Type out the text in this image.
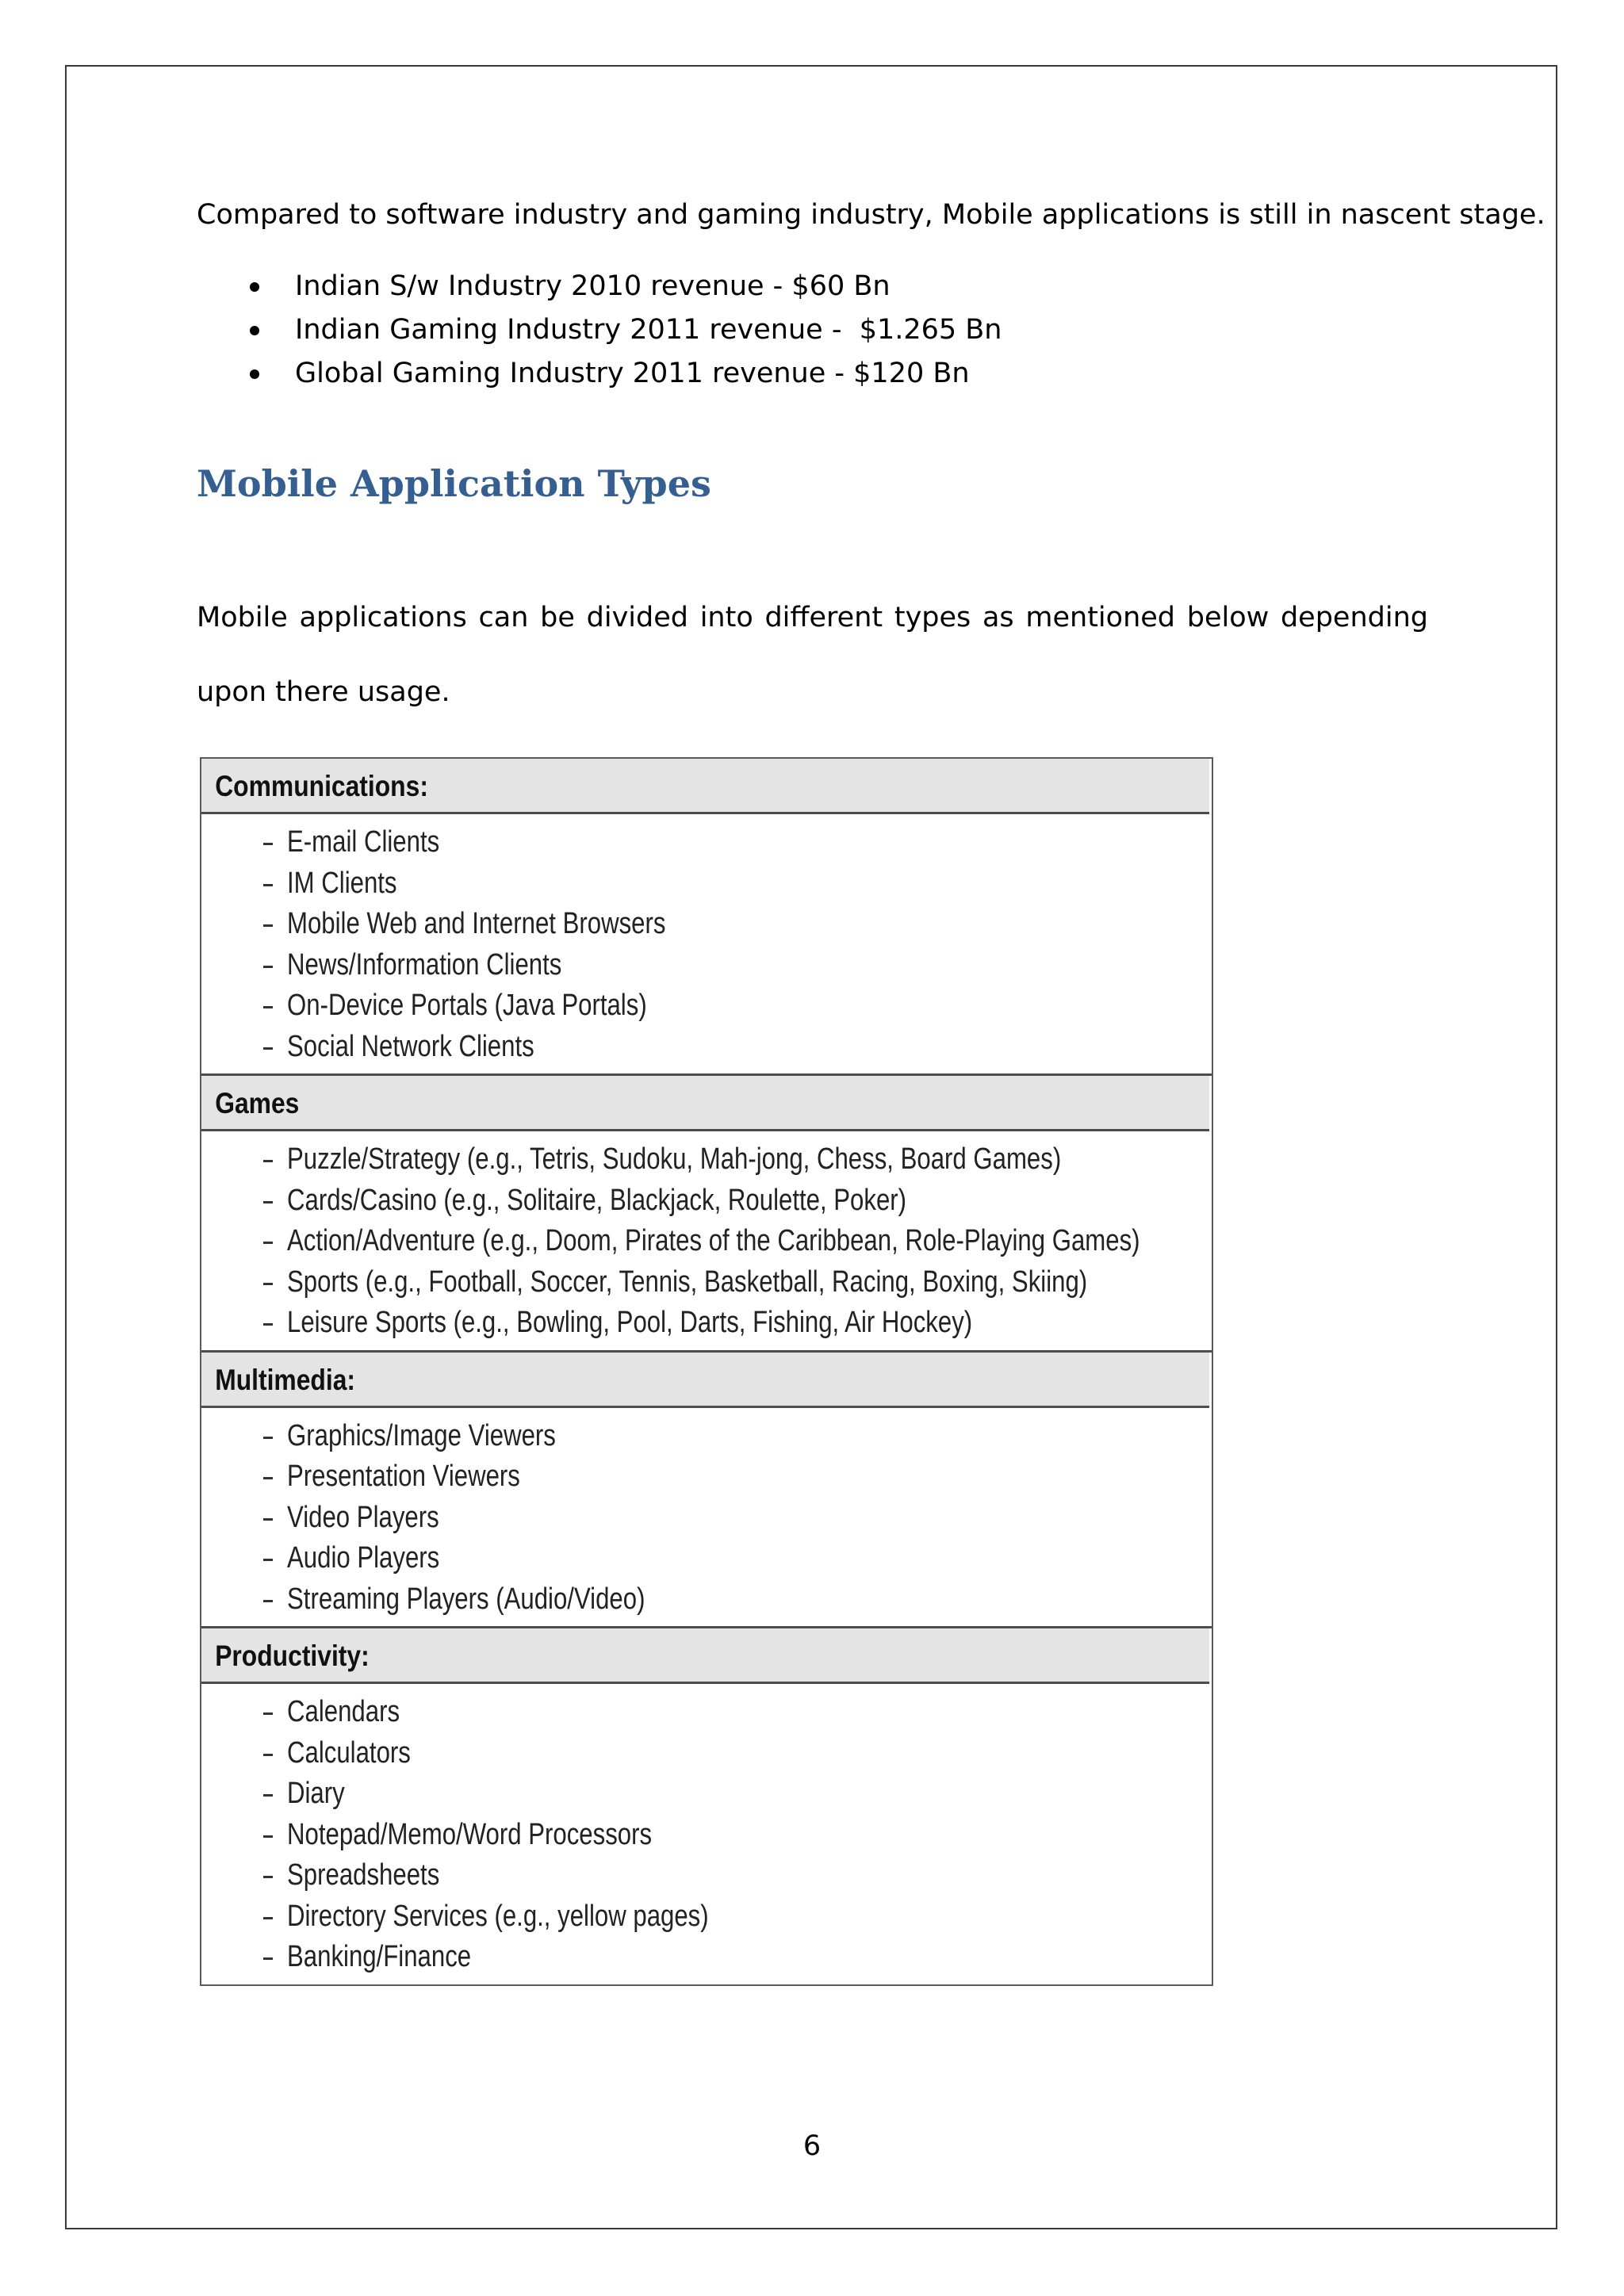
Compared to software industry and gaming industry, Mobile applications is still in nascent stage.

Indian S/w Industry 2010 revenue - $60 Bn
Indian Gaming Industry 2011 revenue -  $1.265 Bn
Global Gaming Industry 2011 revenue - $120 Bn
Mobile Application Types

Mobile applications can be divided into different types as mentioned below depending upon there usage.

Communications:
E-mail Clients
IM Clients
Mobile Web and Internet Browsers
News/Information Clients
On-Device Portals (Java Portals)
Social Network Clients
Games
Puzzle/Strategy (e.g., Tetris, Sudoku, Mah-jong, Chess, Board Games)
Cards/Casino (e.g., Solitaire, Blackjack, Roulette, Poker)
Action/Adventure (e.g., Doom, Pirates of the Caribbean, Role-Playing Games)
Sports (e.g., Football, Soccer, Tennis, Basketball, Racing, Boxing, Skiing)
Leisure Sports (e.g., Bowling, Pool, Darts, Fishing, Air Hockey)
Multimedia:
Graphics/Image Viewers
Presentation Viewers
Video Players
Audio Players
Streaming Players (Audio/Video)
Productivity:
Calendars
Calculators
Diary
Notepad/Memo/Word Processors
Spreadsheets
Directory Services (e.g., yellow pages)
Banking/Finance
6
